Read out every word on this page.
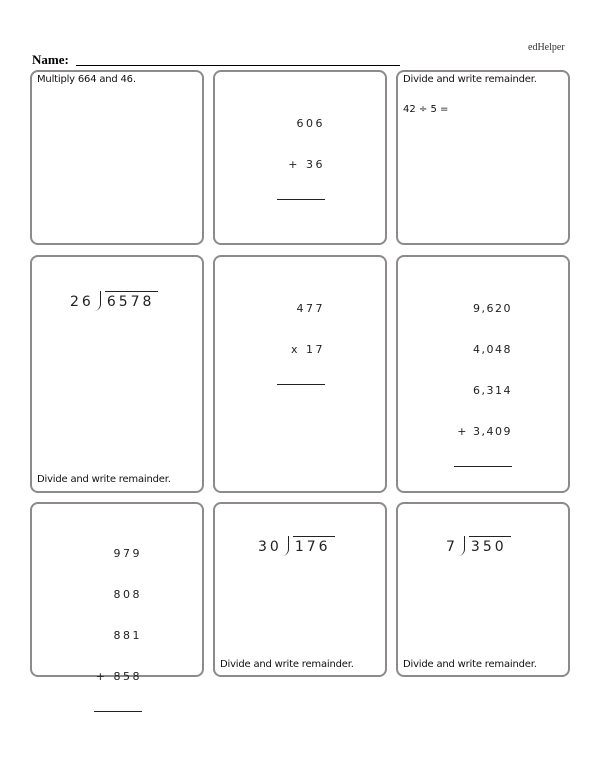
edHelper
Name:
Multiply 664 and 46.

606

+ 36

Divide and write remainder.
42 ÷ 5 =
26 6578
Divide and write remainder.

477

x 17

9,620

4,048

6,314

+ 3,409

979

808

881

+ 858

30 176
Divide and write remainder.
7 350
Divide and write remainder.
